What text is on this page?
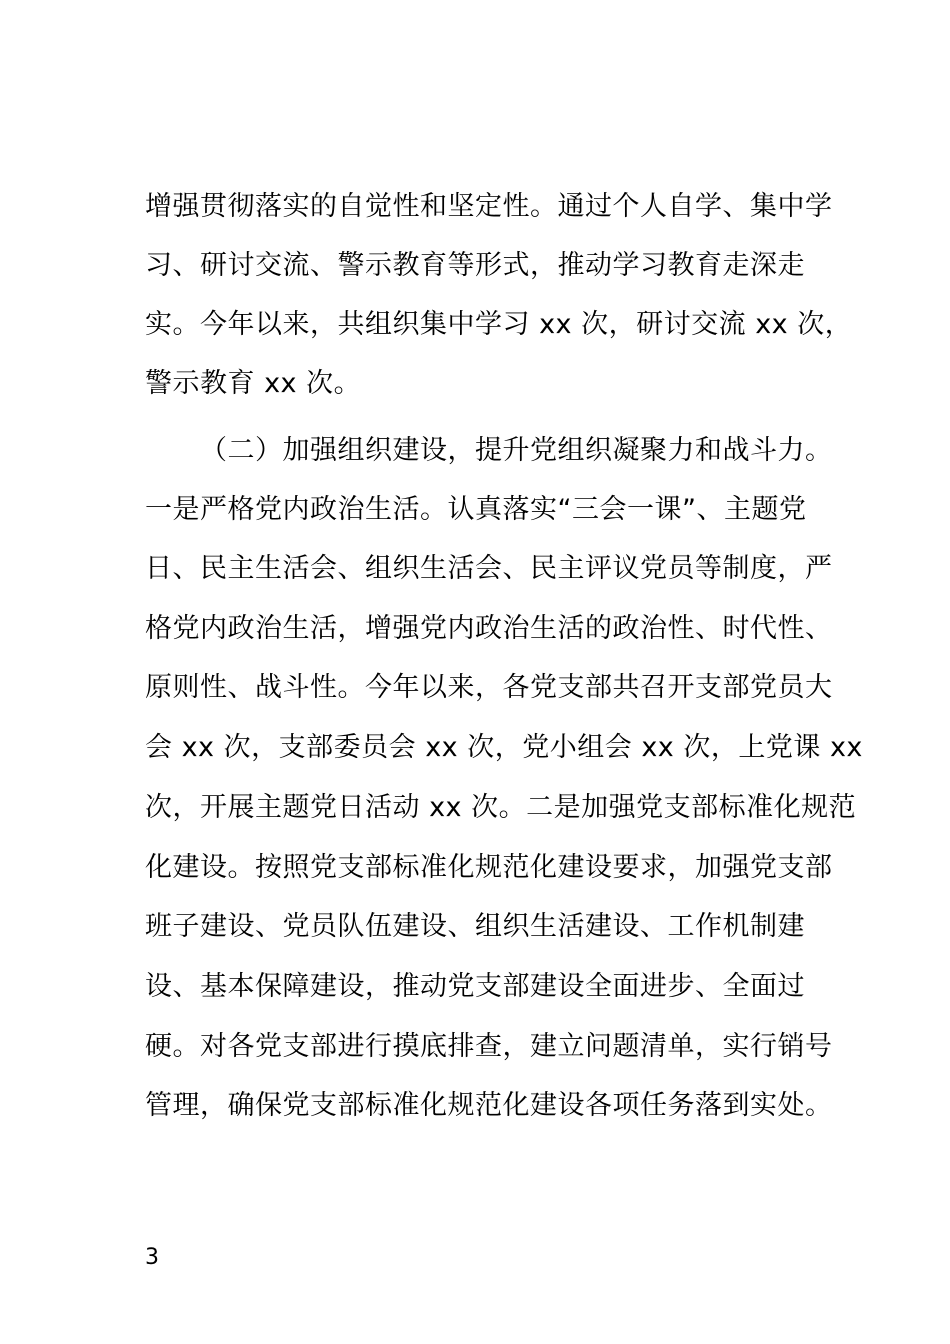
增强贯彻落实的自觉性和坚定性。通过个人自学、集中学
习、研讨交流、警示教育等形式，推动学习教育走深走
实。今年以来，共组织集中学习 xx 次，研讨交流 xx 次，
警示教育 xx 次。
（二）加强组织建设，提升党组织凝聚力和战斗力。
一是严格党内政治生活。认真落实“三会一课”、主题党
日、民主生活会、组织生活会、民主评议党员等制度，严
格党内政治生活，增强党内政治生活的政治性、时代性、
原则性、战斗性。今年以来，各党支部共召开支部党员大
会 xx 次，支部委员会 xx 次，党小组会 xx 次，上党课 xx
次，开展主题党日活动 xx 次。二是加强党支部标准化规范
化建设。按照党支部标准化规范化建设要求，加强党支部
班子建设、党员队伍建设、组织生活建设、工作机制建
设、基本保障建设，推动党支部建设全面进步、全面过
硬。对各党支部进行摸底排查，建立问题清单，实行销号
管理，确保党支部标准化规范化建设各项任务落到实处。
3
